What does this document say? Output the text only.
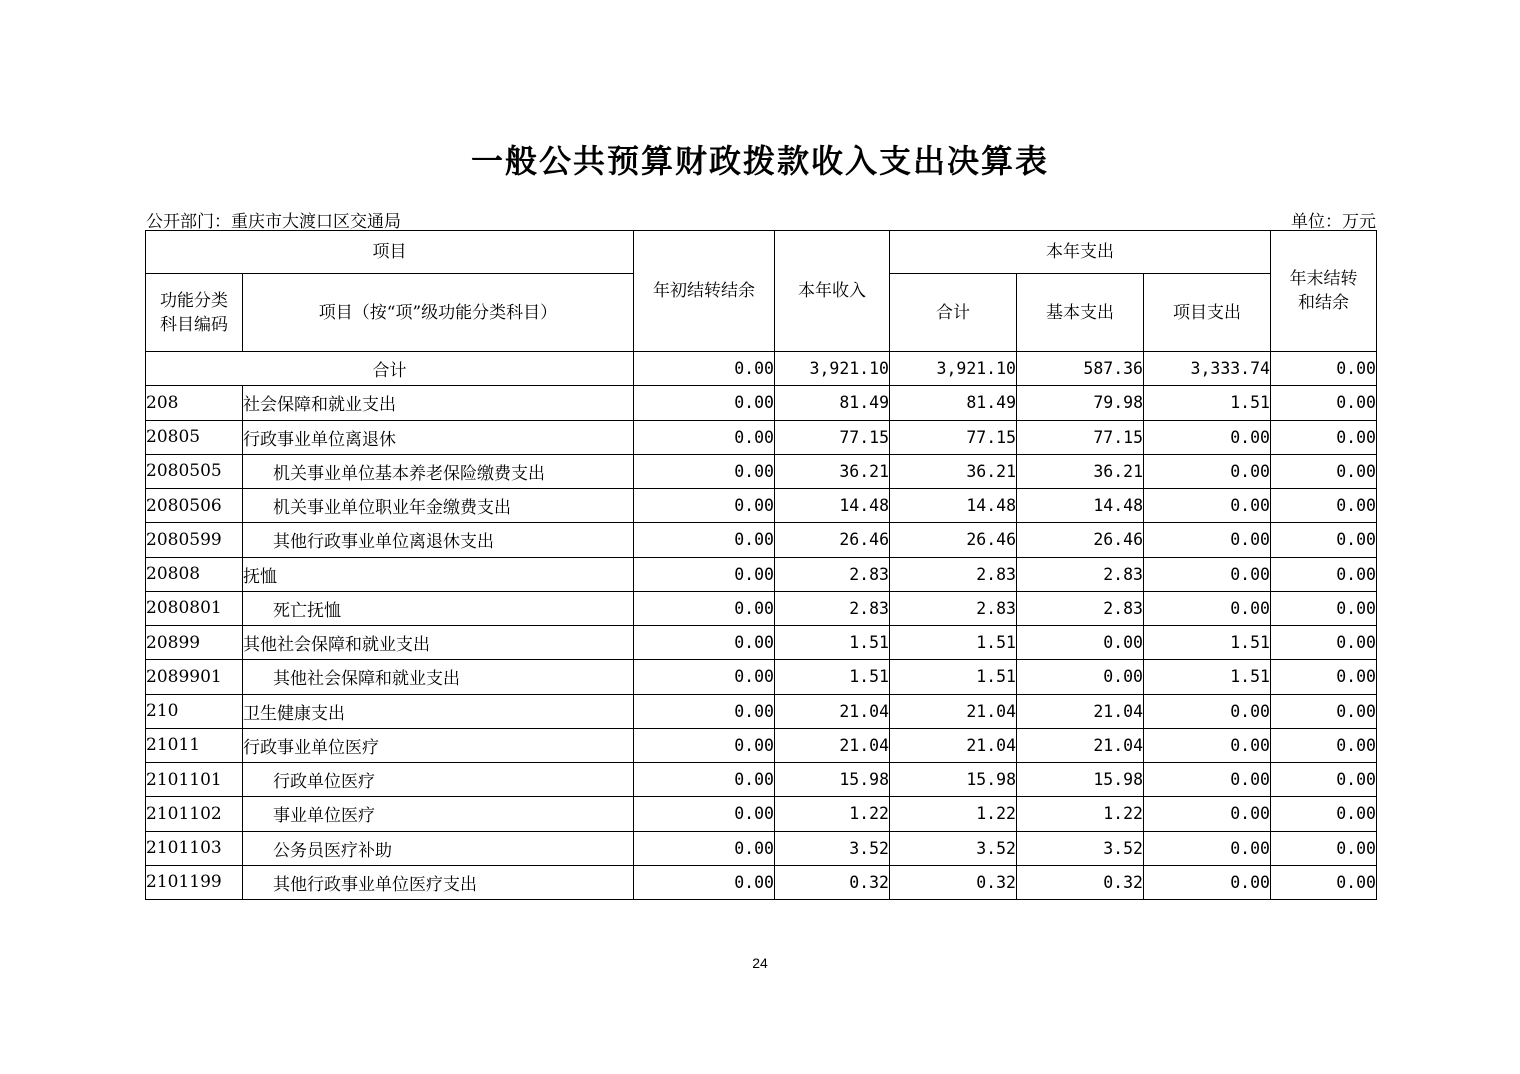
一般公共预算财政拨款收入支出决算表
公开部门：重庆市大渡口区交通局	单位：万元
项目		年初结转结余	本年收入	本年支出			年末结转和结余
功能分类科目编码	项目（按“项”级功能分类科目）			合计	基本支出	项目支出	
合计		0.00	3,921.10	3,921.10	587.36	3,333.74	0.00
208	社会保障和就业支出	0.00	81.49	81.49	79.98	1.51	0.00
20805	行政事业单位离退休	0.00	77.15	77.15	77.15	0.00	0.00
2080505	机关事业单位基本养老保险缴费支出	0.00	36.21	36.21	36.21	0.00	0.00
2080506	机关事业单位职业年金缴费支出	0.00	14.48	14.48	14.48	0.00	0.00
2080599	其他行政事业单位离退休支出	0.00	26.46	26.46	26.46	0.00	0.00
20808	抚恤	0.00	2.83	2.83	2.83	0.00	0.00
2080801	死亡抚恤	0.00	2.83	2.83	2.83	0.00	0.00
20899	其他社会保障和就业支出	0.00	1.51	1.51	0.00	1.51	0.00
2089901	其他社会保障和就业支出	0.00	1.51	1.51	0.00	1.51	0.00
210	卫生健康支出	0.00	21.04	21.04	21.04	0.00	0.00
21011	行政事业单位医疗	0.00	21.04	21.04	21.04	0.00	0.00
2101101	行政单位医疗	0.00	15.98	15.98	15.98	0.00	0.00
2101102	事业单位医疗	0.00	1.22	1.22	1.22	0.00	0.00
2101103	公务员医疗补助	0.00	3.52	3.52	3.52	0.00	0.00
2101199	其他行政事业单位医疗支出	0.00	0.32	0.32	0.32	0.00	0.00
24
